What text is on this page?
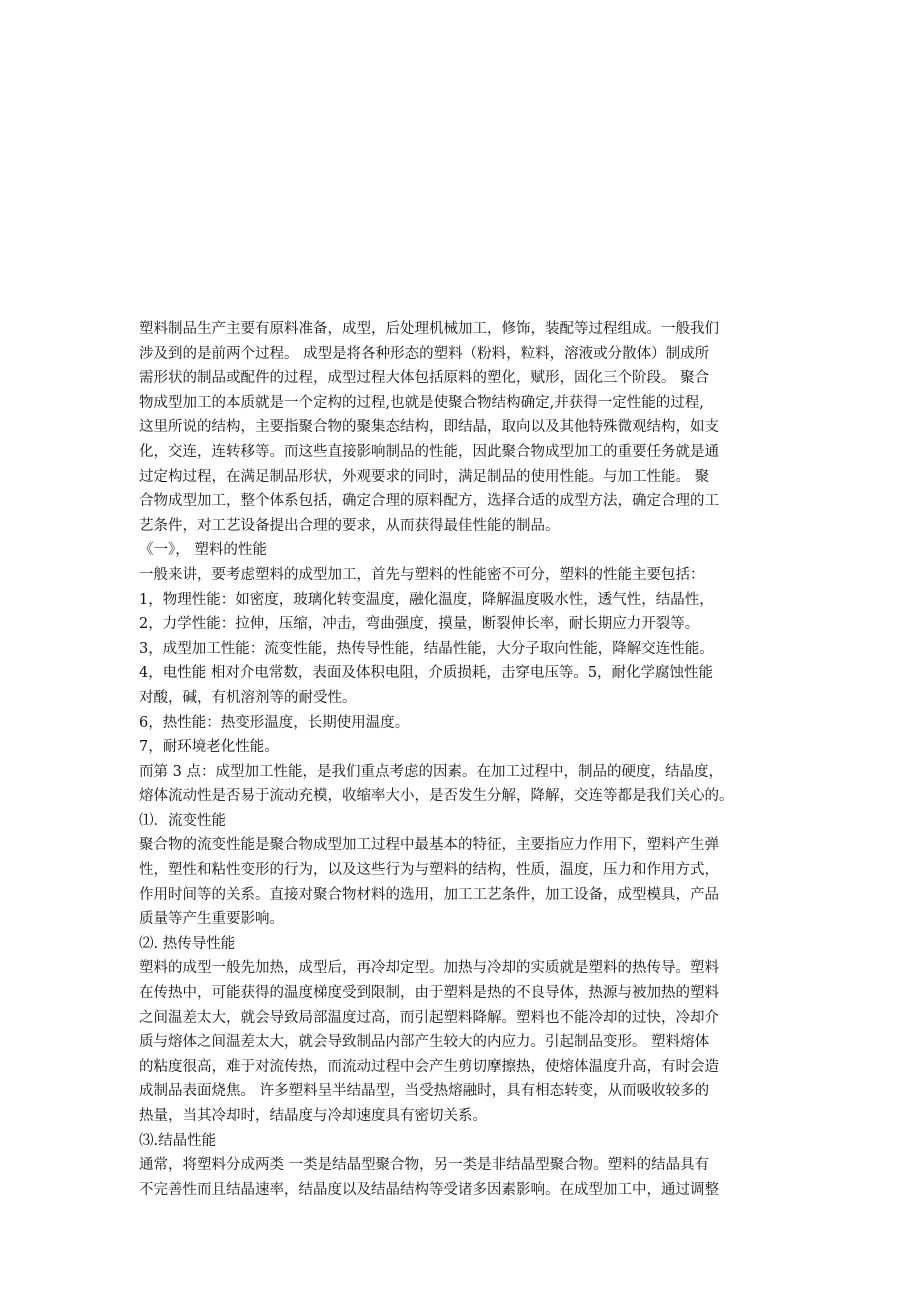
塑料制品生产主要有原料准备，成型，后处理机械加工，修饰，装配等过程组成。一般我们
涉及到的是前两个过程。 成型是将各种形态的塑料（粉料，粒料，溶液或分散体）制成所
需形状的制品或配件的过程，成型过程大体包括原料的塑化，赋形，固化三个阶段。 聚合
物成型加工的本质就是一个定构的过程,也就是使聚合物结构确定,并获得一定性能的过程,
这里所说的结构，主要指聚合物的聚集态结构，即结晶，取向以及其他特殊微观结构，如支
化，交连，连转移等。而这些直接影响制品的性能，因此聚合物成型加工的重要任务就是通
过定构过程，在满足制品形状，外观要求的同时，满足制品的使用性能。与加工性能。 聚
合物成型加工，整个体系包括，确定合理的原料配方，选择合适的成型方法，确定合理的工
艺条件，对工艺设备提出合理的要求，从而获得最佳性能的制品。
《一》， 塑料的性能
一般来讲，要考虑塑料的成型加工，首先与塑料的性能密不可分，塑料的性能主要包括：
1，物理性能：如密度，玻璃化转变温度，融化温度，降解温度吸水性，透气性，结晶性，
2，力学性能：拉伸，压缩，冲击，弯曲强度，摸量，断裂伸长率，耐长期应力开裂等。
3，成型加工性能：流变性能，热传导性能，结晶性能，大分子取向性能，降解交连性能。
4，电性能 相对介电常数，表面及体积电阻，介质损耗，击穿电压等。5，耐化学腐蚀性能
对酸，碱，有机溶剂等的耐受性。
6，热性能：热变形温度，长期使用温度。
7，耐环境老化性能。
而第 3 点：成型加工性能，是我们重点考虑的因素。在加工过程中，制品的硬度，结晶度，
熔体流动性是否易于流动充模，收缩率大小，是否发生分解，降解，交连等都是我们关心的。
⑴．流变性能
聚合物的流变性能是聚合物成型加工过程中最基本的特征，主要指应力作用下，塑料产生弹
性，塑性和粘性变形的行为，以及这些行为与塑料的结构，性质，温度，压力和作用方式，
作用时间等的关系。直接对聚合物材料的选用，加工工艺条件，加工设备，成型模具，产品
质量等产生重要影响。
⑵. 热传导性能
塑料的成型一般先加热，成型后，再冷却定型。加热与冷却的实质就是塑料的热传导。塑料
在传热中，可能获得的温度梯度受到限制，由于塑料是热的不良导体，热源与被加热的塑料
之间温差太大，就会导致局部温度过高，而引起塑料降解。塑料也不能冷却的过快，冷却介
质与熔体之间温差太大，就会导致制品内部产生较大的内应力。引起制品变形。 塑料熔体
的粘度很高，难于对流传热，而流动过程中会产生剪切摩擦热，使熔体温度升高，有时会造
成制品表面烧焦。 许多塑料呈半结晶型，当受热熔融时，具有相态转变，从而吸收较多的
热量，当其冷却时，结晶度与冷却速度具有密切关系。
⑶.结晶性能
通常，将塑料分成两类 一类是结晶型聚合物，另一类是非结晶型聚合物。塑料的结晶具有
不完善性而且结晶速率，结晶度以及结晶结构等受诸多因素影响。在成型加工中，通过调整
